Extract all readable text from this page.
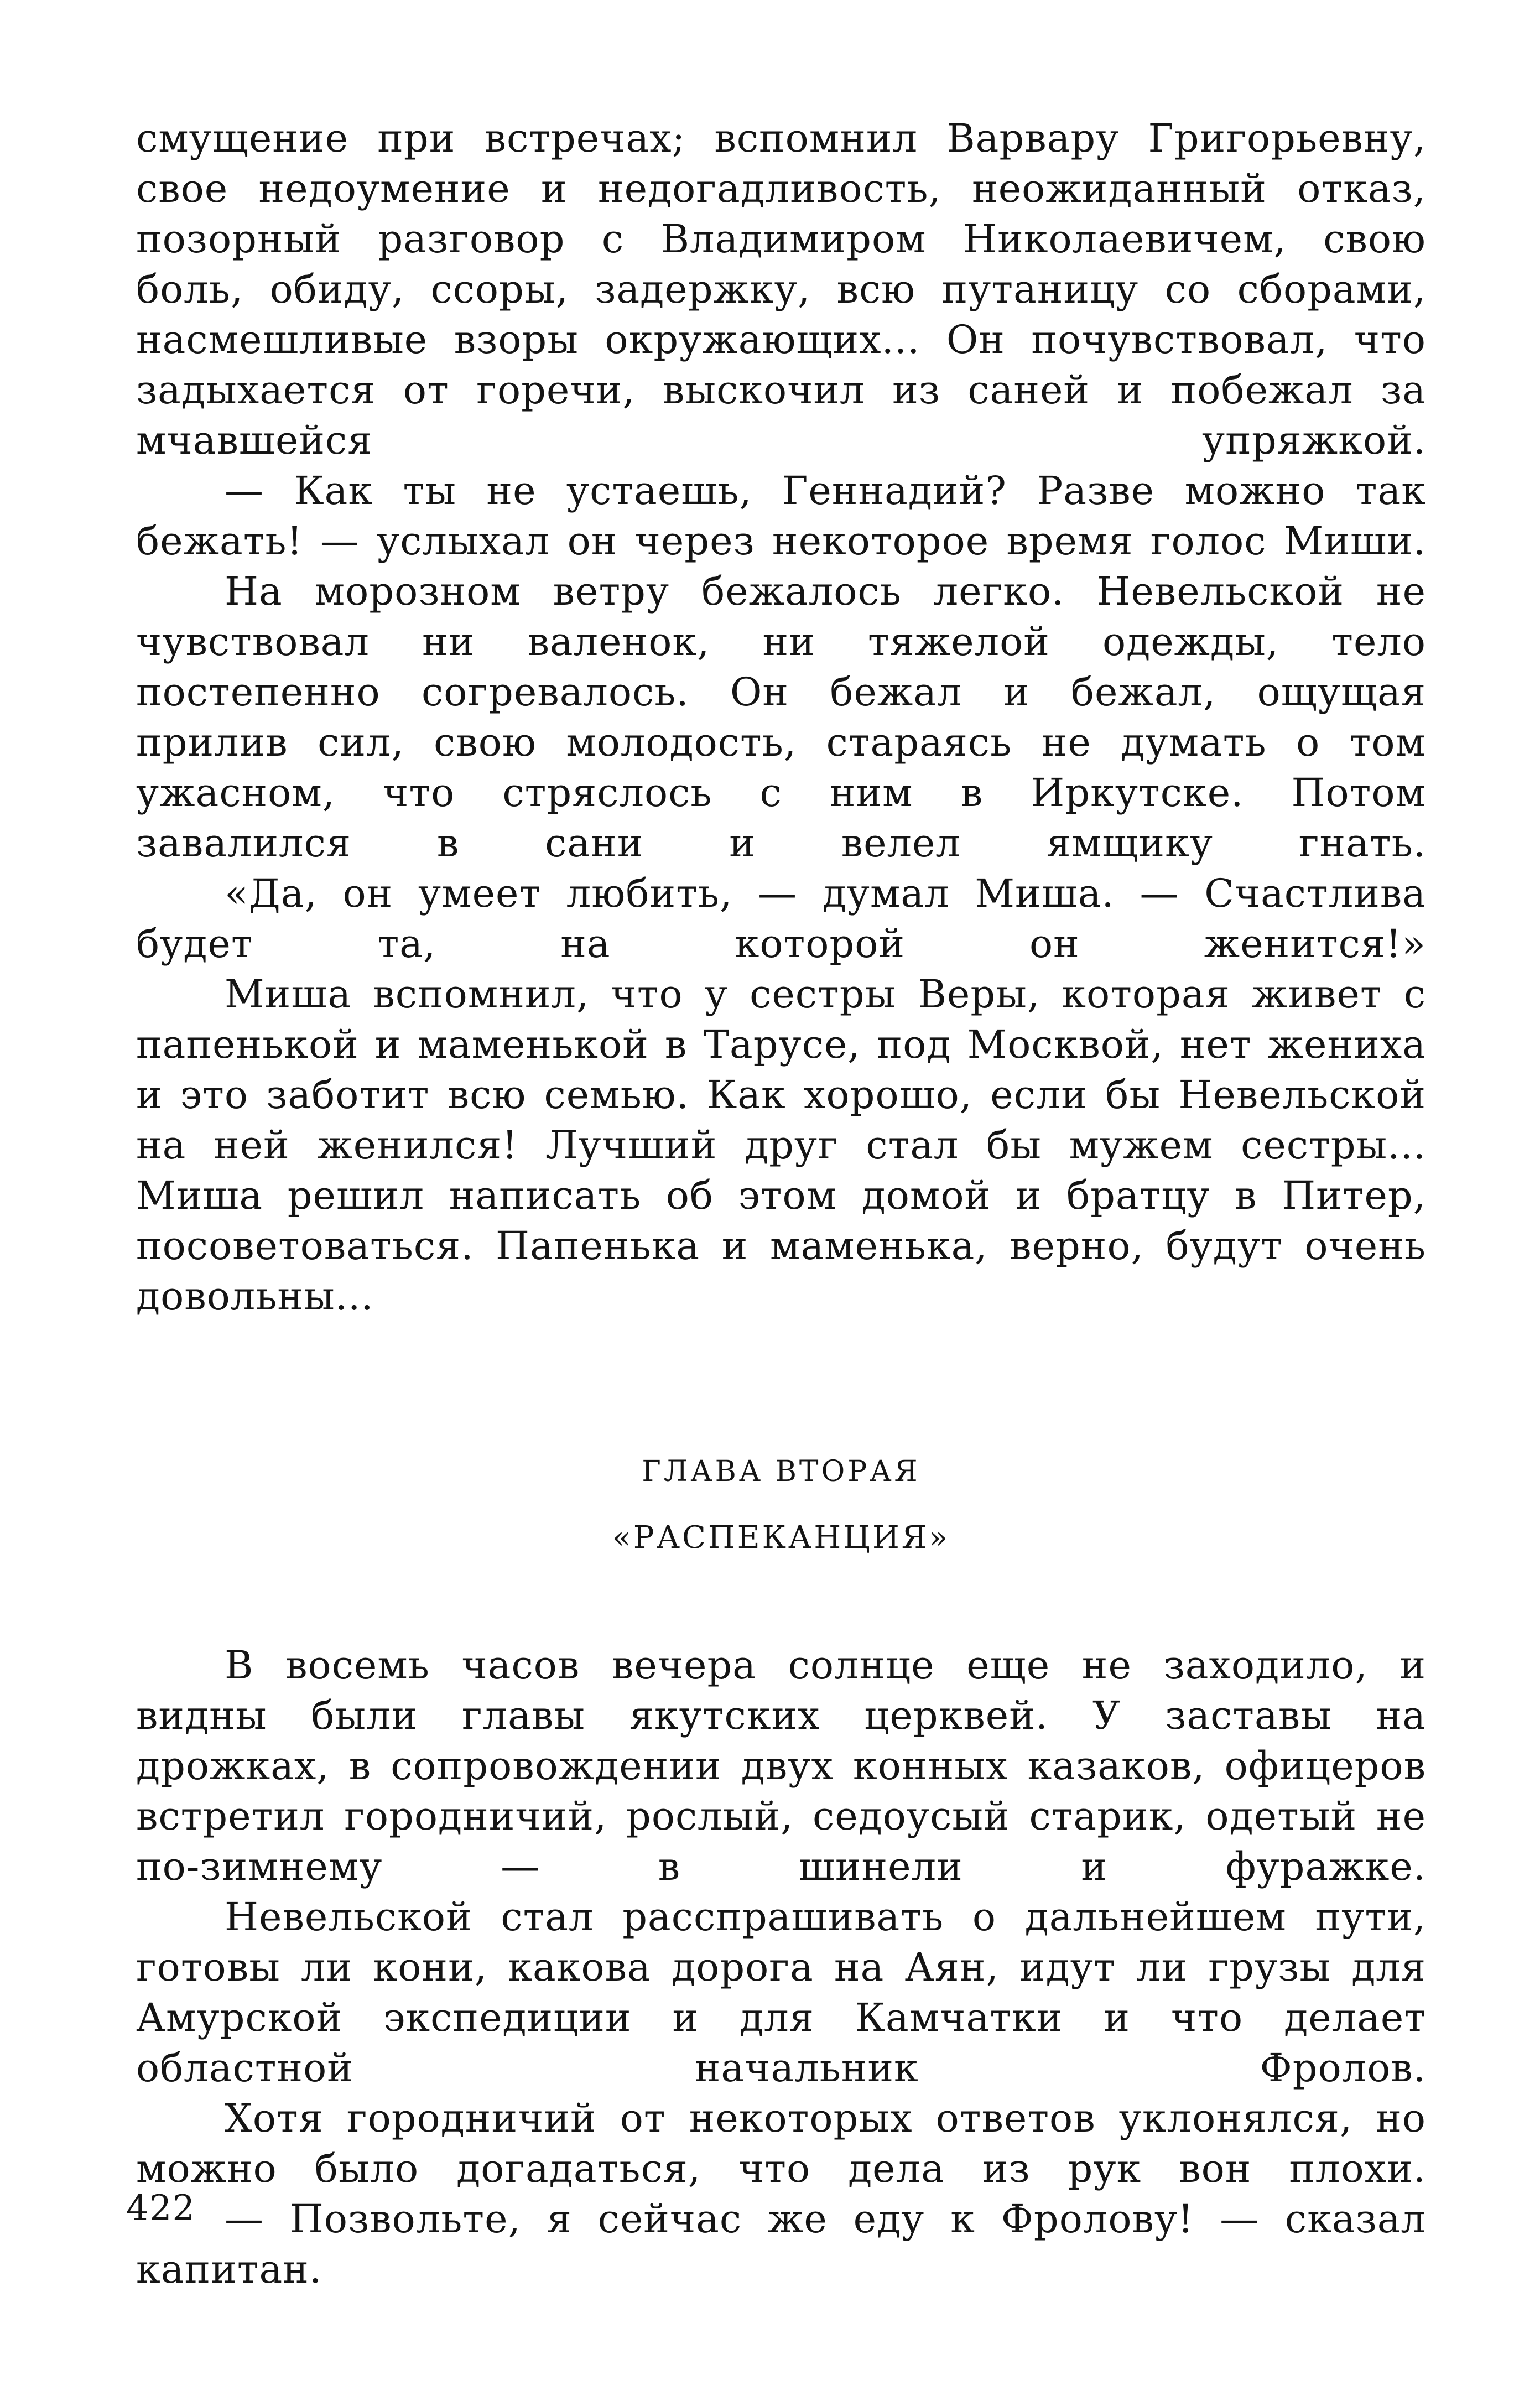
смущение при встречах; вспомнил Варвару Григорьевну, свое недоумение и недогадливость, неожиданный отказ, позорный разговор с Владимиром Николаевичем, свою боль, обиду, ссоры, задержку, всю путаницу со сборами, насмешливые взоры окружающих... Он почувствовал, что задыхается от горечи, выскочил из саней и побежал за мчавшейся упряжкой.

— Как ты не устаешь, Геннадий? Разве можно так бежать! — услыхал он через некоторое время голос Миши.

На морозном ветру бежалось легко. Невельской не чувствовал ни валенок, ни тяжелой одежды, тело постепенно согревалось. Он бежал и бежал, ощущая прилив сил, свою молодость, стараясь не думать о том ужасном, что стряслось с ним в Иркутске. Потом завалился в сани и велел ямщику гнать.

«Да, он умеет любить, — думал Миша. — Счастлива будет та, на которой он женится!»

Миша вспомнил, что у сестры Веры, которая живет с папенькой и маменькой в Тарусе, под Москвой, нет жениха и это заботит всю семью. Как хорошо, если бы Невельской на ней женился! Лучший друг стал бы мужем сестры... Миша решил написать об этом домой и братцу в Питер, посоветоваться. Папенька и маменька, верно, будут очень довольны...

ГЛАВА ВТОРАЯ
«РАСПЕКАНЦИЯ»

В восемь часов вечера солнце еще не заходило, и видны были главы якутских церквей. У заставы на дрожках, в сопровождении двух конных казаков, офицеров встретил городничий, рослый, седоусый старик, одетый не по-зимнему — в шинели и фуражке.

Невельской стал расспрашивать о дальнейшем пути, готовы ли кони, какова дорога на Аян, идут ли грузы для Амурской экспедиции и для Камчатки и что делает областной начальник Фролов.

Хотя городничий от некоторых ответов уклонялся, но можно было догадаться, что дела из рук вон плохи.

— Позвольте, я сейчас же еду к Фролову! — сказал капитан.

422
